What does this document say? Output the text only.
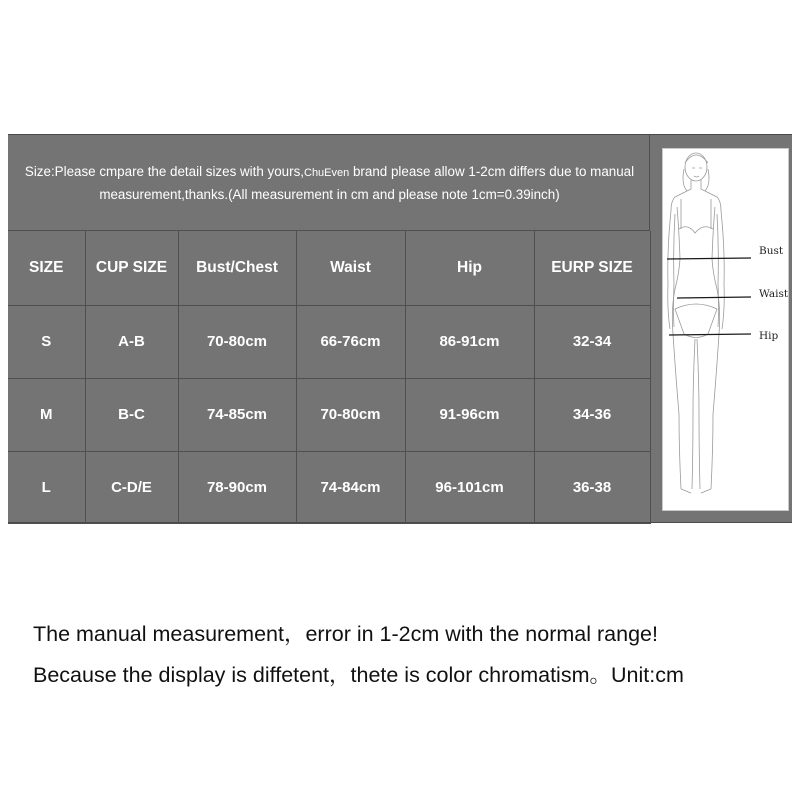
Size:Please cmpare the detail sizes with yours,ChuEven brand please allow 1-2cm differs due to manual measurement,thanks.(All measurement in cm and please note 1cm=0.39inch)
SIZE	CUP SIZE	Bust/Chest	Waist	Hip	EURP SIZE
S	A-B	70-80cm	66-76cm	86-91cm	32-34
M	B-C	74-85cm	70-80cm	91-96cm	34-36
L	C-D/E	78-90cm	74-84cm	96-101cm	36-38
Bust
Waist
Hip
The manual measurement，error in 1-2cm with the normal range!
Because the display is diffetent，thete is color chromatism。Unit:cm
